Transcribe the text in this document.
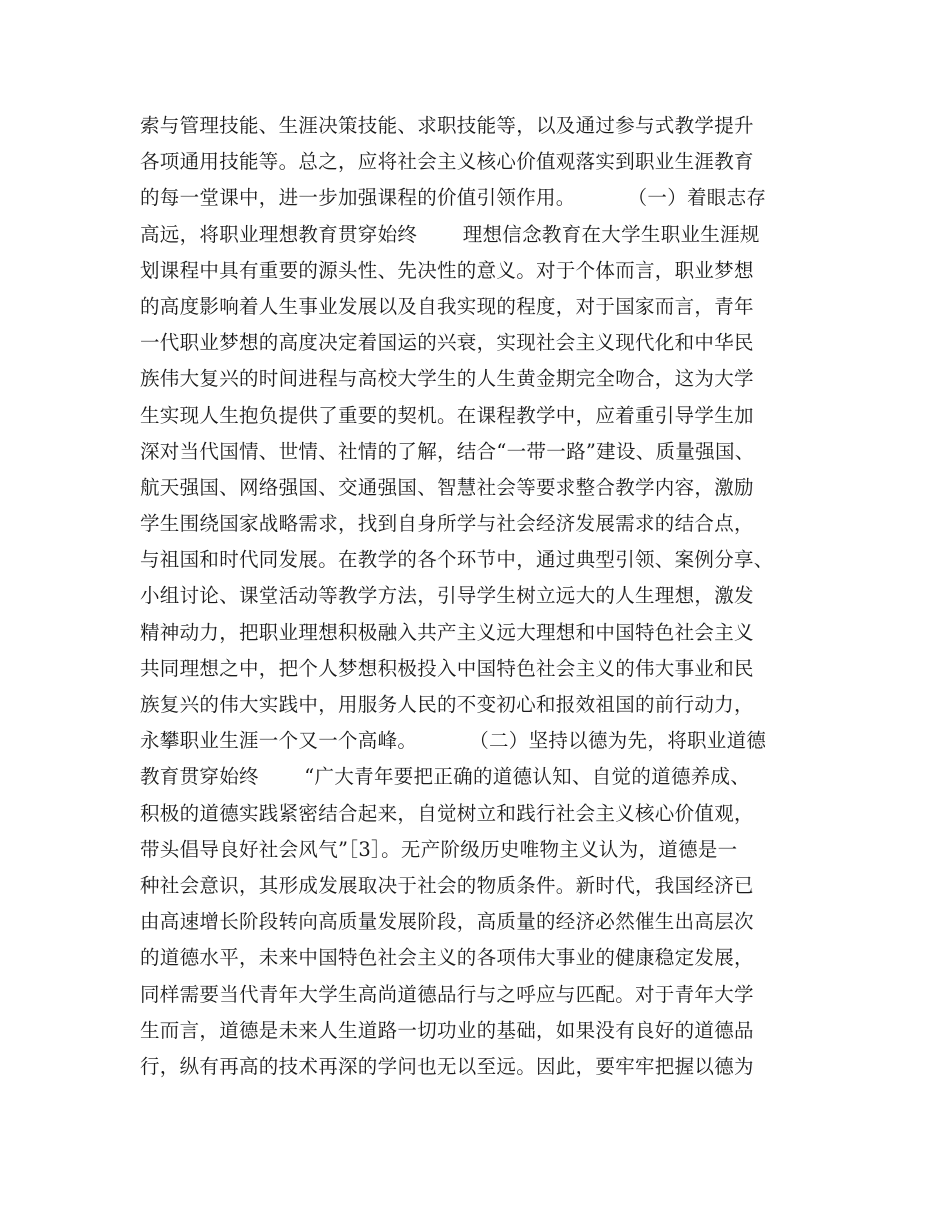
索与管理技能、生涯决策技能、求职技能等，以及通过参与式教学提升
各项通用技能等。总之，应将社会主义核心价值观落实到职业生涯教育
的每一堂课中，进一步加强课程的价值引领作用。        （一）着眼志存
高远，将职业理想教育贯穿始终       理想信念教育在大学生职业生涯规
划课程中具有重要的源头性、先决性的意义。对于个体而言，职业梦想
的高度影响着人生事业发展以及自我实现的程度，对于国家而言，青年
一代职业梦想的高度决定着国运的兴衰，实现社会主义现代化和中华民
族伟大复兴的时间进程与高校大学生的人生黄金期完全吻合，这为大学
生实现人生抱负提供了重要的契机。在课程教学中，应着重引导学生加
深对当代国情、世情、社情的了解，结合“一带一路”建设、质量强国、
航天强国、网络强国、交通强国、智慧社会等要求整合教学内容，激励
学生围绕国家战略需求，找到自身所学与社会经济发展需求的结合点，
与祖国和时代同发展。在教学的各个环节中，通过典型引领、案例分享、
小组讨论、课堂活动等教学方法，引导学生树立远大的人生理想，激发
精神动力，把职业理想积极融入共产主义远大理想和中国特色社会主义
共同理想之中，把个人梦想积极投入中国特色社会主义的伟大事业和民
族复兴的伟大实践中，用服务人民的不变初心和报效祖国的前行动力，
永攀职业生涯一个又一个高峰。        （二）坚持以德为先，将职业道德
教育贯穿始终       “广大青年要把正确的道德认知、自觉的道德养成、
积极的道德实践紧密结合起来，自觉树立和践行社会主义核心价值观，
带头倡导良好社会风气”［3］。无产阶级历史唯物主义认为，道德是一
种社会意识，其形成发展取决于社会的物质条件。新时代，我国经济已
由高速增长阶段转向高质量发展阶段，高质量的经济必然催生出高层次
的道德水平，未来中国特色社会主义的各项伟大事业的健康稳定发展，
同样需要当代青年大学生高尚道德品行与之呼应与匹配。对于青年大学
生而言，道德是未来人生道路一切功业的基础，如果没有良好的道德品
行，纵有再高的技术再深的学问也无以至远。因此，要牢牢把握以德为
